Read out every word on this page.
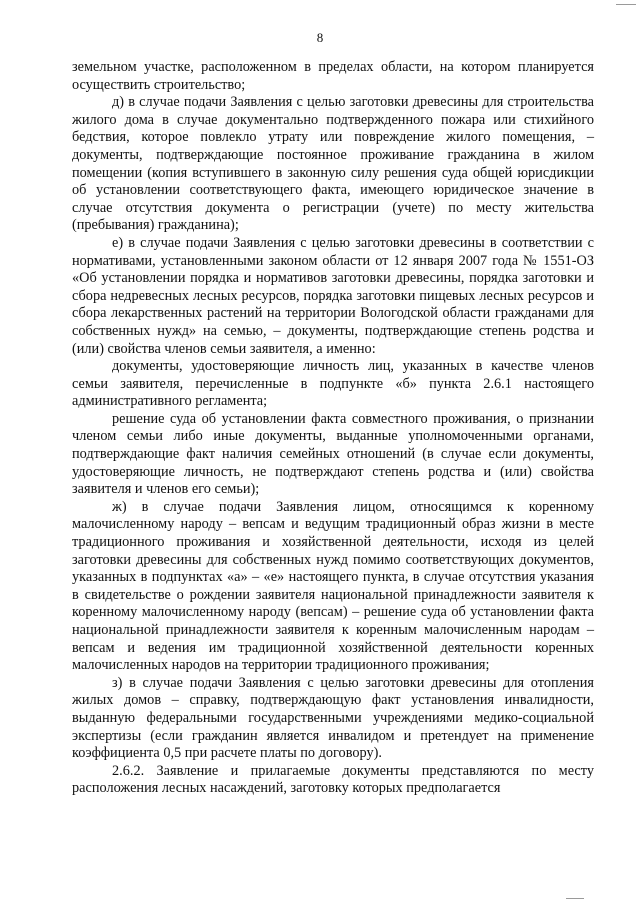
8

земельном участке, расположенном в пределах области, на котором планируется осуществить строительство;

д) в случае подачи Заявления с целью заготовки древесины для строительства жилого дома в случае документально подтвержденного пожара или стихийного бедствия, которое повлекло утрату или повреждение жилого помещения, – документы, подтверждающие постоянное проживание гражданина в жилом помещении (копия вступившего в законную силу решения суда общей юрисдикции об установлении соответствующего факта, имеющего юридическое значение в случае отсутствия документа о регистрации (учете) по месту жительства (пребывания) гражданина);

е) в случае подачи Заявления с целью заготовки древесины в соответствии с нормативами, установленными законом области от 12 января 2007 года № 1551-ОЗ «Об установлении порядка и нормативов заготовки древесины, порядка заготовки и сбора недревесных лесных ресурсов, порядка заготовки пищевых лесных ресурсов и сбора лекарственных растений на территории Вологодской области гражданами для собственных нужд» на семью, – документы, подтверждающие степень родства и (или) свойства членов семьи заявителя, а именно:

документы, удостоверяющие личность лиц, указанных в качестве членов семьи заявителя, перечисленные в подпункте «б» пункта 2.6.1 настоящего административного регламента;

решение суда об установлении факта совместного проживания, о признании членом семьи либо иные документы, выданные уполномоченными органами, подтверждающие факт наличия семейных отношений (в случае если документы, удостоверяющие личность, не подтверждают степень родства и (или) свойства заявителя и членов его семьи);

ж) в случае подачи Заявления лицом, относящимся к коренному малочисленному народу – вепсам и ведущим традиционный образ жизни в месте традиционного проживания и хозяйственной деятельности, исходя из целей заготовки древесины для собственных нужд помимо соответствующих документов, указанных в подпунктах «а» – «е» настоящего пункта, в случае отсутствия указания в свидетельстве о рождении заявителя национальной принадлежности заявителя к коренному малочисленному народу (вепсам) – решение суда об установлении факта национальной принадлежности заявителя к коренным малочисленным народам – вепсам и ведения им традиционной хозяйственной деятельности коренных малочисленных народов на территории традиционного проживания;

з) в случае подачи Заявления с целью заготовки древесины для отопления жилых домов – справку, подтверждающую факт установления инвалидности, выданную федеральными государственными учреждениями медико-социальной экспертизы (если гражданин является инвалидом и претендует на применение коэффициента 0,5 при расчете платы по договору).

2.6.2. Заявление и прилагаемые документы представляются по месту расположения лесных насаждений, заготовку которых предполагается
